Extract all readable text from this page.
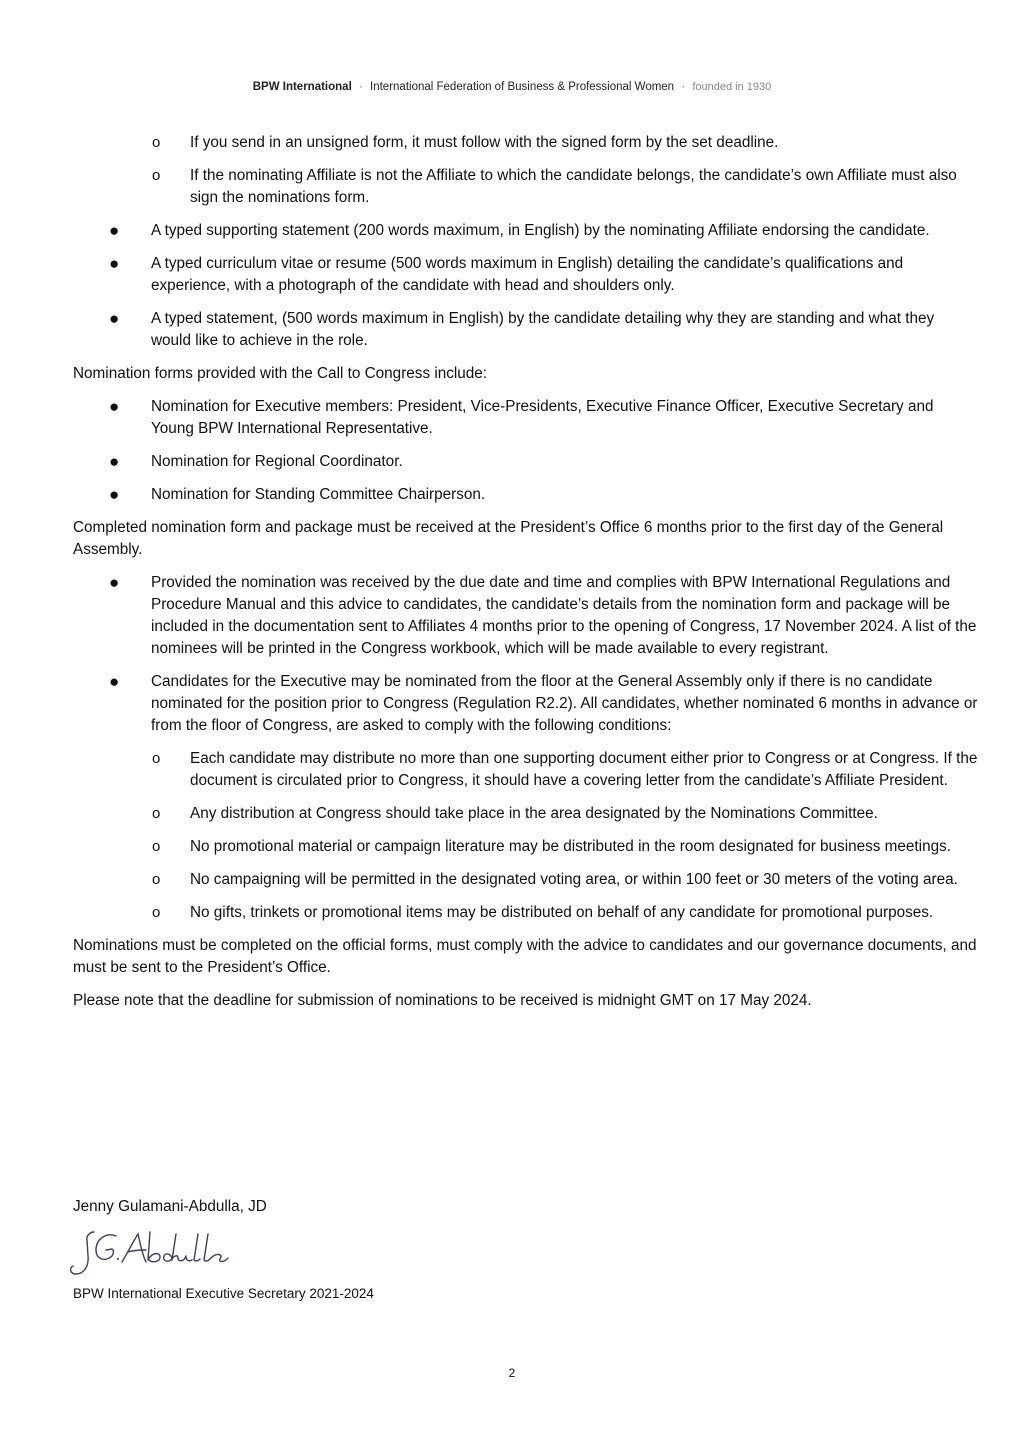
BPW International · International Federation of Business & Professional Women · founded in 1930
o If you send in an unsigned form, it must follow with the signed form by the set deadline.
o If the nominating Affiliate is not the Affiliate to which the candidate belongs, the candidate’s own Affiliate must also sign the nominations form.
● A typed supporting statement (200 words maximum, in English) by the nominating Affiliate endorsing the candidate.
● A typed curriculum vitae or resume (500 words maximum in English) detailing the candidate’s qualifications and experience, with a photograph of the candidate with head and shoulders only.
● A typed statement, (500 words maximum in English) by the candidate detailing why they are standing and what they would like to achieve in the role.
Nomination forms provided with the Call to Congress include:
● Nomination for Executive members: President, Vice-Presidents, Executive Finance Officer, Executive Secretary and Young BPW International Representative.
● Nomination for Regional Coordinator.
● Nomination for Standing Committee Chairperson.
Completed nomination form and package must be received at the President’s Office 6 months prior to the first day of the General Assembly.
● Provided the nomination was received by the due date and time and complies with BPW International Regulations and Procedure Manual and this advice to candidates, the candidate’s details from the nomination form and package will be included in the documentation sent to Affiliates 4 months prior to the opening of Congress, 17 November 2024. A list of the nominees will be printed in the Congress workbook, which will be made available to every registrant.
● Candidates for the Executive may be nominated from the floor at the General Assembly only if there is no candidate nominated for the position prior to Congress (Regulation R2.2). All candidates, whether nominated 6 months in advance or from the floor of Congress, are asked to comply with the following conditions:
o Each candidate may distribute no more than one supporting document either prior to Congress or at Congress. If the document is circulated prior to Congress, it should have a covering letter from the candidate’s Affiliate President.
o Any distribution at Congress should take place in the area designated by the Nominations Committee.
o No promotional material or campaign literature may be distributed in the room designated for business meetings.
o No campaigning will be permitted in the designated voting area, or within 100 feet or 30 meters of the voting area.
o No gifts, trinkets or promotional items may be distributed on behalf of any candidate for promotional purposes.
Nominations must be completed on the official forms, must comply with the advice to candidates and our governance documents, and must be sent to the President’s Office.
Please note that the deadline for submission of nominations to be received is midnight GMT on 17 May 2024.
Jenny Gulamani-Abdulla, JD
BPW International Executive Secretary 2021-2024
2
